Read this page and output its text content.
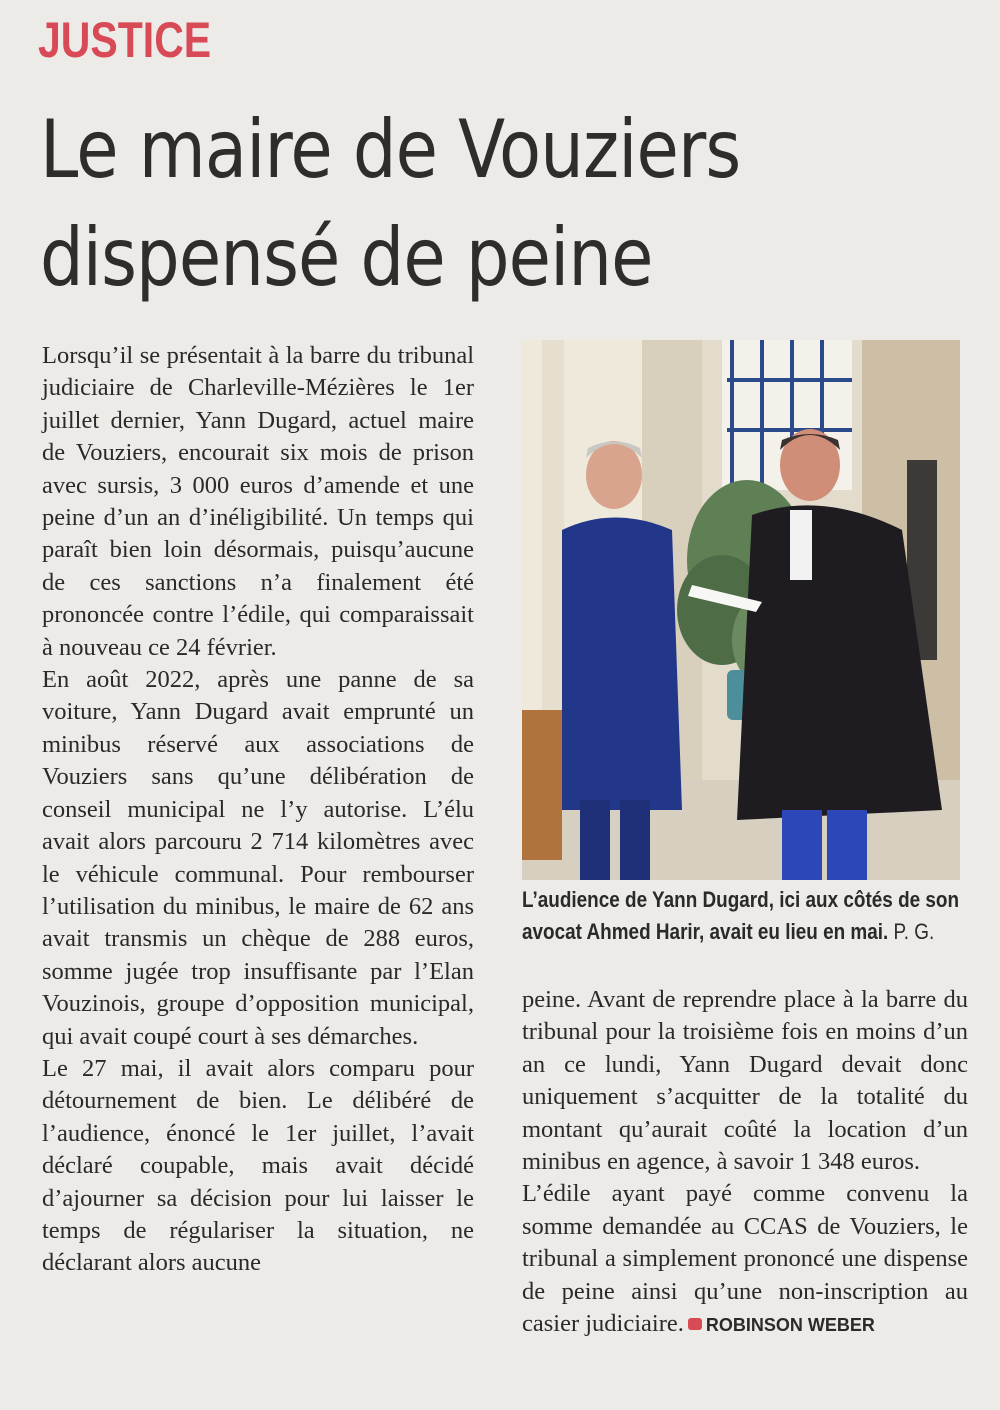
JUSTICE
Le maire de Vouziers
dispensé de peine

Lorsqu’il se présentait à la barre du tribunal judiciaire de Charleville-Mézières le 1er juillet dernier, Yann Dugard, actuel maire de Vouziers, encourait six mois de prison avec sursis, 3 000 euros d’amende et une peine d’un an d’inéligibilité. Un temps qui paraît bien loin désormais, puisqu’aucune de ces sanctions n’a finalement été prononcée contre l’édile, qui comparaissait à nouveau ce 24 février.

En août 2022, après une panne de sa voiture, Yann Dugard avait emprunté un minibus réservé aux associations de Vouziers sans qu’une délibération de conseil municipal ne l’y autorise. L’élu avait alors parcouru 2 714 kilomètres avec le véhicule communal. Pour rembourser l’utilisation du minibus, le maire de 62 ans avait transmis un chèque de 288 euros, somme jugée trop insuffisante par l’Elan Vouzinois, groupe d’opposition municipal, qui avait coupé court à ses démarches.

Le 27 mai, il avait alors comparu pour détournement de bien. Le délibéré de l’audience, énoncé le 1er juillet, l’avait déclaré coupable, mais avait décidé d’ajourner sa décision pour lui laisser le temps de régulariser la situation, ne déclarant alors aucune

L’audience de Yann Dugard, ici aux côtés de son avocat Ahmed Harir, avait eu lieu en mai. P. G.

peine. Avant de reprendre place à la barre du tribunal pour la troisième fois en moins d’un an ce lundi, Yann Dugard devait donc uniquement s’acquitter de la totalité du montant qu’aurait coûté la location d’un minibus en agence, à savoir 1 348 euros.

L’édile ayant payé comme convenu la somme demandée au CCAS de Vouziers, le tribunal a simplement prononcé une dispense de peine ainsi qu’une non-inscription au casier judiciaire. ROBINSON WEBER
